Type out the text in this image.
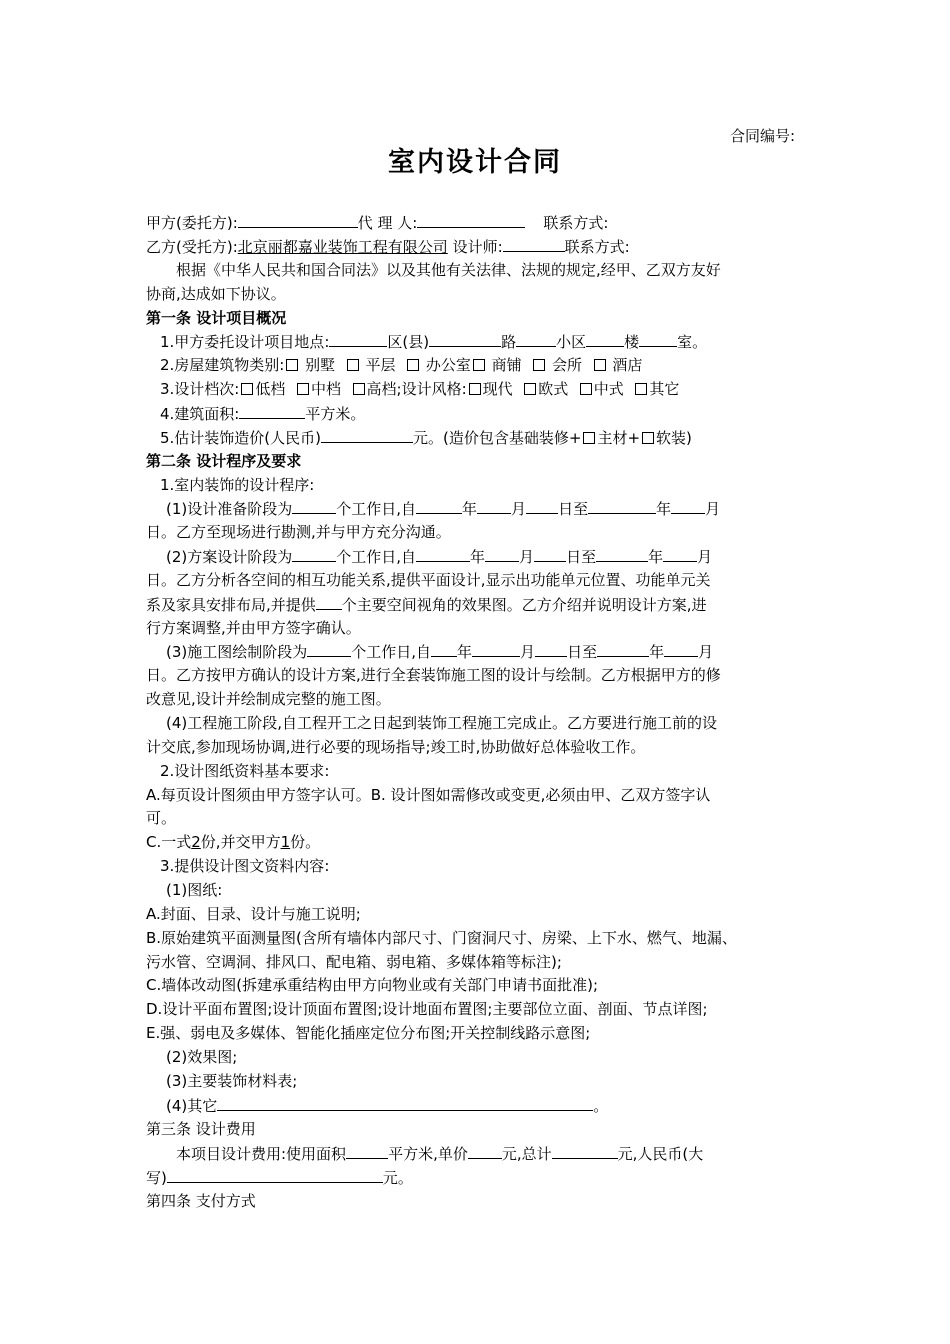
合同编号:
室内设计合同
甲方(委托方):	代 理 人:	联系方式:
乙方(受托方):北京丽都嘉业装饰工程有限公司 设计师:	联系方式:
根据《中华人民共和国合同法》以及其他有关法律、法规的规定,经甲、乙双方友好
协商,达成如下协议。
第一条 设计项目概况
1.甲方委托设计项目地点:	区(县)	路	小区	楼	室。
2.房屋建筑物类别: 别墅 平层 办公室 商铺 会所 酒店
3.设计档次: 低档 中档 高档;设计风格: 现代 欧式 中式 其它
4.建筑面积:	平方米。
5.估计装饰造价(人民币)	元。(造价包含基础装修+ 主材+ 软装)
第二条 设计程序及要求
1.室内装饰的设计程序:
(1)设计准备阶段为	个工作日,自	年 月 日至	年 月
日。乙方至现场进行勘测,并与甲方充分沟通。
(2)方案设计阶段为	个工作日,自	年 月 日至	年 月
日。乙方分析各空间的相互功能关系,提供平面设计,显示出功能单元位置、功能单元关
系及家具安排布局,并提供 个主要空间视角的效果图。乙方介绍并说明设计方案,进
行方案调整,并由甲方签字确认。
(3)施工图绘制阶段为	个工作日,自 年	月 日至	年 月
日。乙方按甲方确认的设计方案,进行全套装饰施工图的设计与绘制。乙方根据甲方的修
改意见,设计并绘制成完整的施工图。
(4)工程施工阶段,自工程开工之日起到装饰工程施工完成止。乙方要进行施工前的设
计交底,参加现场协调,进行必要的现场指导;竣工时,协助做好总体验收工作。
2.设计图纸资料基本要求:
A.每页设计图须由甲方签字认可。B. 设计图如需修改或变更,必须由甲、乙双方签字认
可。
C.一式2份,并交甲方1份。
3.提供设计图文资料内容:
(1)图纸:
A.封面、目录、设计与施工说明;
B.原始建筑平面测量图(含所有墙体内部尺寸、门窗洞尺寸、房梁、上下水、燃气、地漏、
污水管、空调洞、排风口、配电箱、弱电箱、多媒体箱等标注);
C.墙体改动图(拆建承重结构由甲方向物业或有关部门申请书面批准);
D.设计平面布置图;设计顶面布置图;设计地面布置图;主要部位立面、剖面、节点详图;
E.强、弱电及多媒体、智能化插座定位分布图;开关控制线路示意图;
(2)效果图;
(3)主要装饰材料表;
(4)其它	。
第三条 设计费用
本项目设计费用:使用面积	平方米,单价 元,总计	元,人民币(大
写)	元。
第四条 支付方式
